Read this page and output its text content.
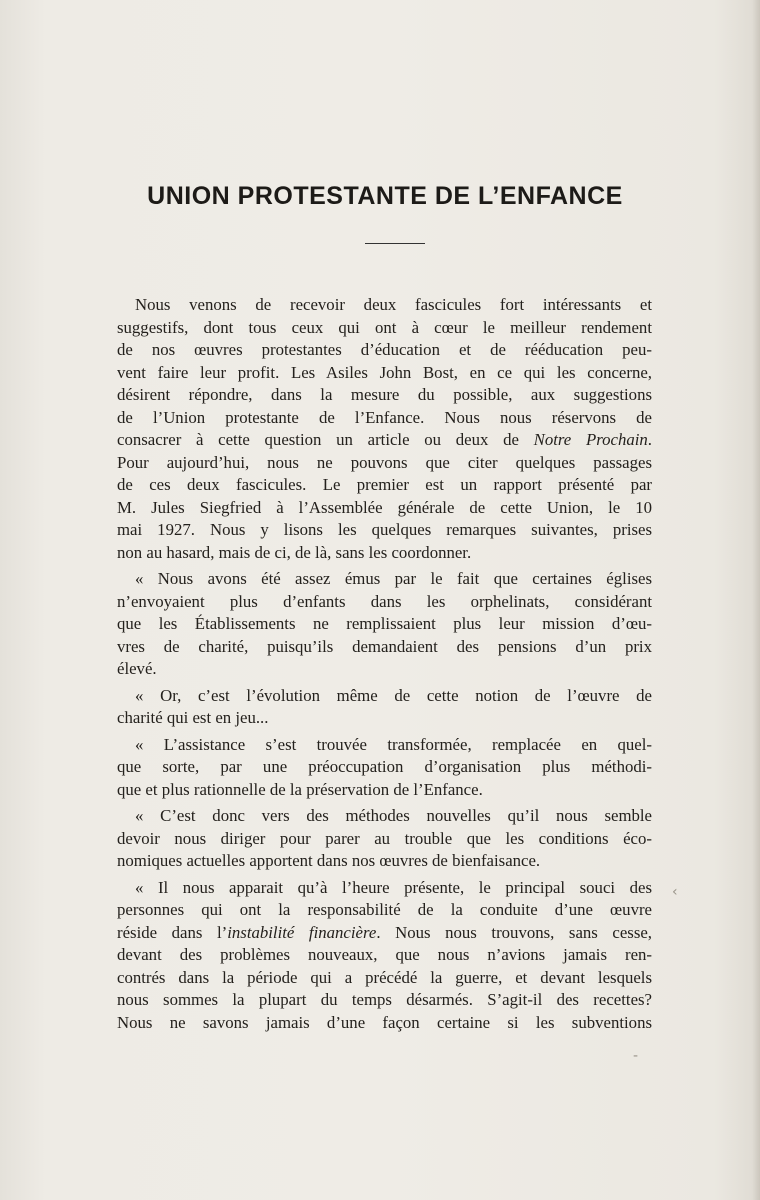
UNION PROTESTANTE DE L’ENFANCE

Nous venons de recevoir deux fascicules fort intéressants et
suggestifs, dont tous ceux qui ont à cœur le meilleur rendement
de nos œuvres protestantes d’éducation et de rééducation peu-
vent faire leur profit. Les Asiles John Bost, en ce qui les concerne,
désirent répondre, dans la mesure du possible, aux suggestions
de l’Union protestante de l’Enfance. Nous nous réservons de
consacrer à cette question un article ou deux de Notre Prochain.
Pour aujourd’hui, nous ne pouvons que citer quelques passages
de ces deux fascicules. Le premier est un rapport présenté par
M. Jules Siegfried à l’Assemblée générale de cette Union, le 10
mai 1927. Nous y lisons les quelques remarques suivantes, prises
non au hasard, mais de ci, de là, sans les coordonner.

« Nous avons été assez émus par le fait que certaines églises
n’envoyaient plus d’enfants dans les orphelinats, considérant
que les Établissements ne remplissaient plus leur mission d’œu-
vres de charité, puisqu’ils demandaient des pensions d’un prix
élevé.

« Or, c’est l’évolution même de cette notion de l’œuvre de
charité qui est en jeu...

« L’assistance s’est trouvée transformée, remplacée en quel-
que sorte, par une préoccupation d’organisation plus méthodi-
que et plus rationnelle de la préservation de l’Enfance.

« C’est donc vers des méthodes nouvelles qu’il nous semble
devoir nous diriger pour parer au trouble que les conditions éco-
nomiques actuelles apportent dans nos œuvres de bienfaisance.

« Il nous apparait qu’à l’heure présente, le principal souci des
personnes qui ont la responsabilité de la conduite d’une œuvre
réside dans l’instabilité financière. Nous nous trouvons, sans cesse,
devant des problèmes nouveaux, que nous n’avions jamais ren-
contrés dans la période qui a précédé la guerre, et devant lesquels
nous sommes la plupart du temps désarmés. S’agit-il des recettes?
Nous ne savons jamais d’une façon certaine si les subventions

‹
-
